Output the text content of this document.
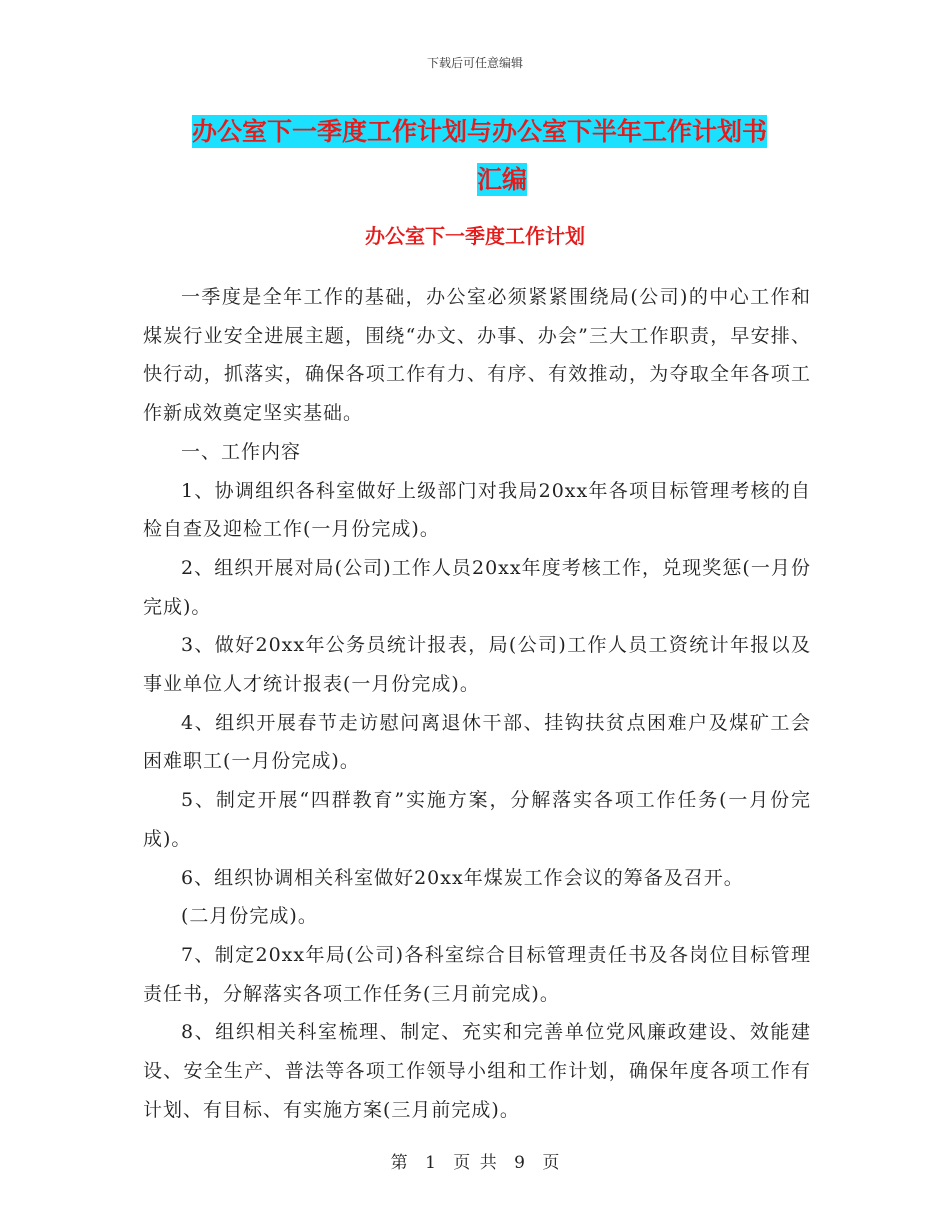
下载后可任意编辑
办公室下一季度工作计划与办公室下半年工作计划书
汇编
办公室下一季度工作计划

一季度是全年工作的基础，办公室必须紧紧围绕局(公司)的中心工作和煤炭行业安全进展主题，围绕“办文、办事、办会”三大工作职责，早安排、快行动，抓落实，确保各项工作有力、有序、有效推动，为夺取全年各项工作新成效奠定坚实基础。

一、工作内容

1、协调组织各科室做好上级部门对我局20xx年各项目标管理考核的自检自查及迎检工作(一月份完成)。

2、组织开展对局(公司)工作人员20xx年度考核工作，兑现奖惩(一月份完成)。

3、做好20xx年公务员统计报表，局(公司)工作人员工资统计年报以及事业单位人才统计报表(一月份完成)。

4、组织开展春节走访慰问离退休干部、挂钩扶贫点困难户及煤矿工会困难职工(一月份完成)。

5、制定开展“四群教育”实施方案，分解落实各项工作任务(一月份完成)。

6、组织协调相关科室做好20xx年煤炭工作会议的筹备及召开。

(二月份完成)。

7、制定20xx年局(公司)各科室综合目标管理责任书及各岗位目标管理责任书，分解落实各项工作任务(三月前完成)。

8、组织相关科室梳理、制定、充实和完善单位党风廉政建设、效能建设、安全生产、普法等各项工作领导小组和工作计划，确保年度各项工作有计划、有目标、有实施方案(三月前完成)。

第 1 页 共 9 页
